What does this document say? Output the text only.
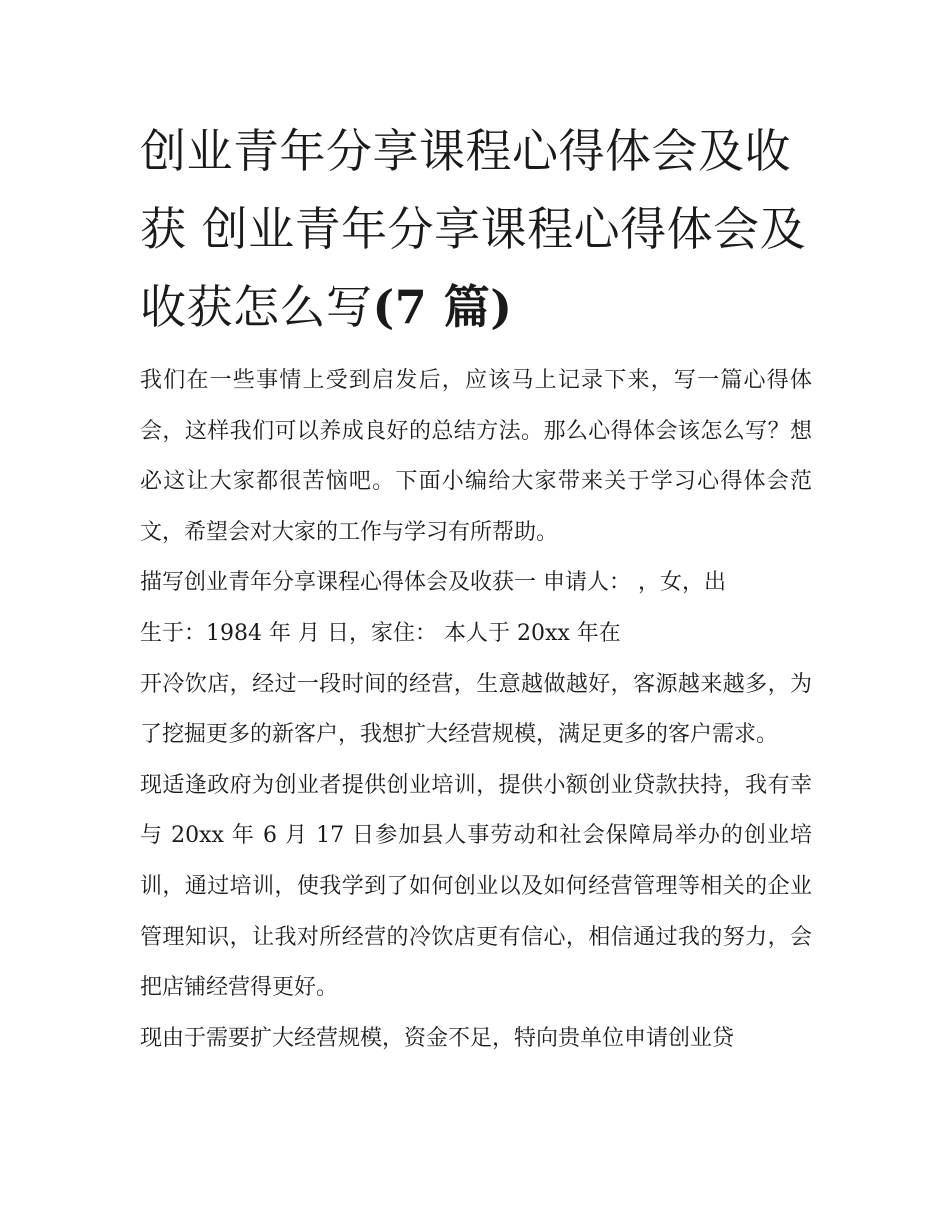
创业青年分享课程心得体会及收获 创业青年分享课程心得体会及收获怎么写(7 篇)

我们在一些事情上受到启发后，应该马上记录下来，写一篇心得体会，这样我们可以养成良好的总结方法。那么心得体会该怎么写？想必这让大家都很苦恼吧。下面小编给大家带来关于学习心得体会范文，希望会对大家的工作与学习有所帮助。

描写创业青年分享课程心得体会及收获一 申请人： ，女，出
生于：1984 年 月 日，家住： 本人于 20xx 年在

开冷饮店，经过一段时间的经营，生意越做越好，客源越来越多，为了挖掘更多的新客户，我想扩大经营规模，满足更多的客户需求。

现适逢政府为创业者提供创业培训，提供小额创业贷款扶持，我有幸与 20xx 年 6 月 17 日参加县人事劳动和社会保障局举办的创业培训，通过培训，使我学到了如何创业以及如何经营管理等相关的企业管理知识，让我对所经营的冷饮店更有信心，相信通过我的努力，会把店铺经营得更好。

现由于需要扩大经营规模，资金不足，特向贵单位申请创业贷
